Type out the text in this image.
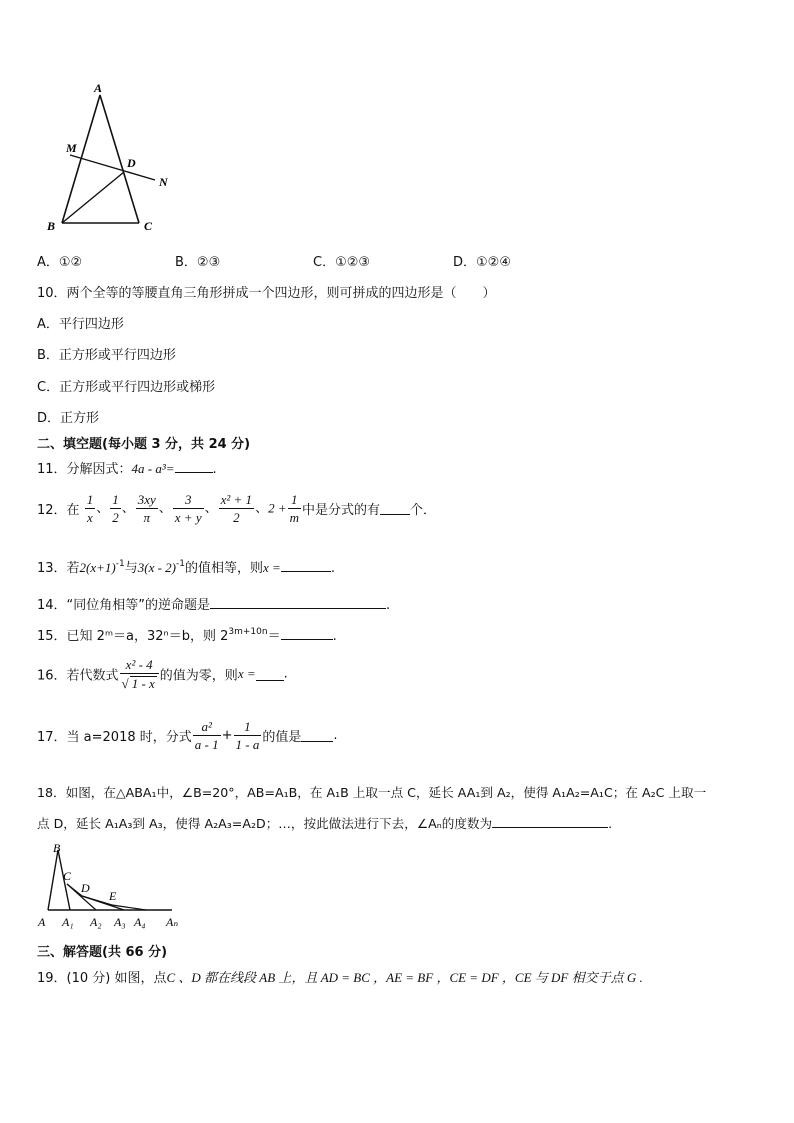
A
M
D
N
B	C
A．①②	B．②③	C．①②③	D．①②④
10．两个全等的等腰直角三角形拼成一个四边形，则可拼成的四边形是（　　）
A．平行四边形
B．正方形或平行四边形
C．正方形或平行四边形或梯形
D．正方形
二、填空题(每小题 3 分，共 24 分)
11．分解因式：4a - a³=	.
12．在 $\frac{1}{x}$ 、 $\frac{1}{2}$ 、 $\frac{3xy}{\pi}$ 、 $\frac{3}{x + y}$ 、 $\frac{\text{x² + 1}}{2}$ 、$2 + \frac{1}{m}$ 中是分式的有 个．
13．若$2(x+1)^{-1}$与3(x - 2)$^{-1}$的值相等，则x =	.
14．“同位角相等”的逆命题是	.
15．已知 2ᵐ＝a，32ⁿ＝b，则 $2^{3m+10n}=$	.
16．若代数式 $\frac{\text{x² - 4}}{√ 1 - x}$ 的值为零，则x = .
17．当 a=2018 时，分式 $\frac{\text{a²}}{a - 1} + \frac{1}{1 - a}$ 的值是 .
18．如图，在△ABA₁中，∠B=20°，AB=A₁B，在 A₁B 上取一点 C，延长 AA₁到 A₂，使得 A₁A₂=A₁C；在 A₂C 上取一
点 D，延长 A₁A₃到 A₃，使得 A₂A₃=A₂D；…，按此做法进行下去，∠Aₙ的度数为	.
B
C
D
E
A A₁ A₂ A₃ A₄ Aₙ
三、解答题(共 66 分)
19．(10 分) 如图，点C 、D 都在线段 AB 上，且 AD = BC ，AE = BF ，CE = DF ，CE 与 DF 相交于点 G .
